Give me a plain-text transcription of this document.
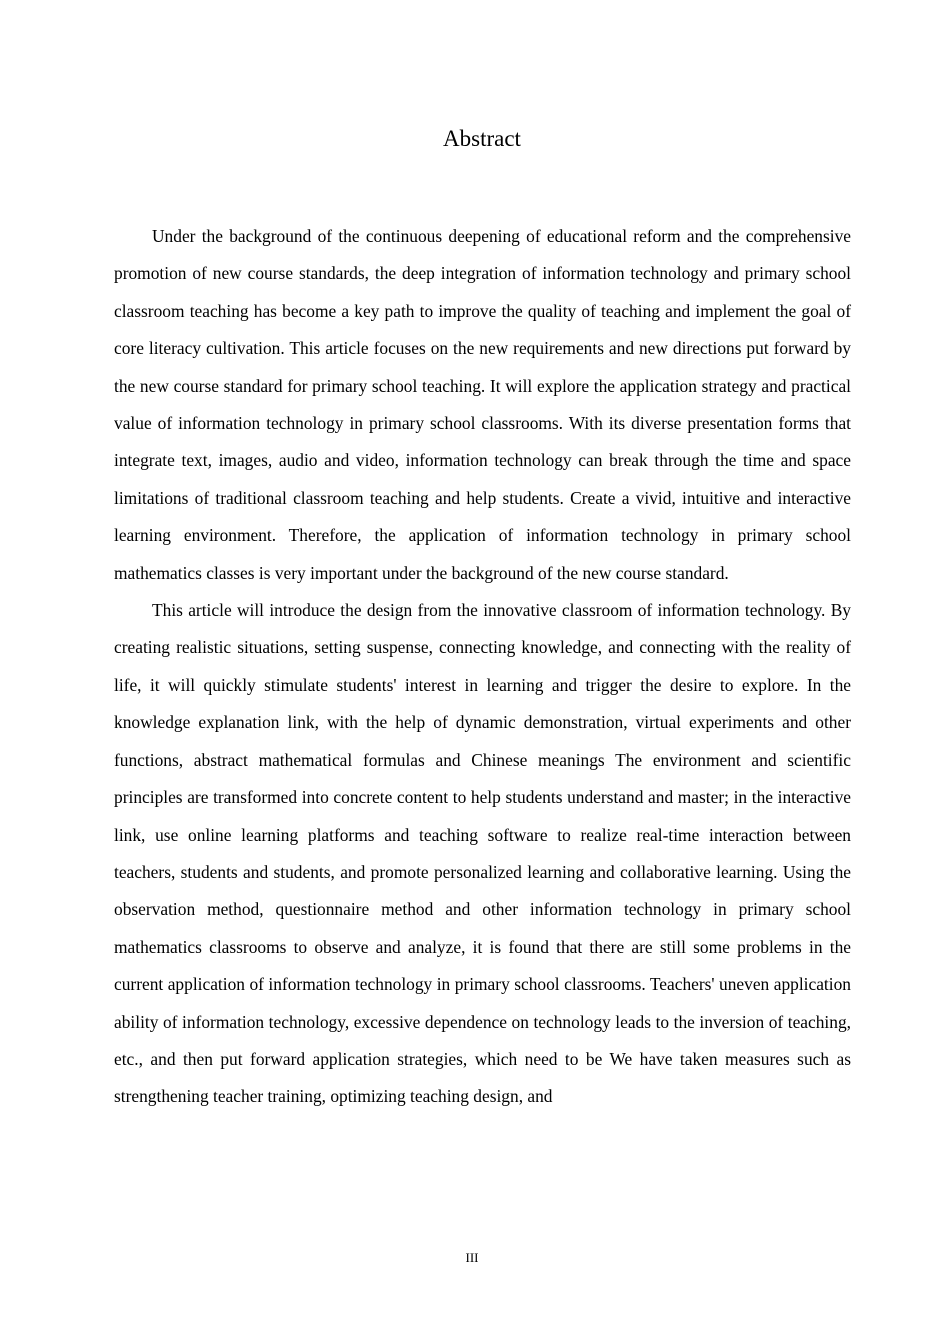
Abstract

Under the background of the continuous deepening of educational reform and the comprehensive promotion of new course standards, the deep integration of information technology and primary school classroom teaching has become a key path to improve the quality of teaching and implement the goal of core literacy cultivation. This article focuses on the new requirements and new directions put forward by the new course standard for primary school teaching. It will explore the application strategy and practical value of information technology in primary school classrooms. With its diverse presentation forms that integrate text, images, audio and video, information technology can break through the time and space limitations of traditional classroom teaching and help students. Create a vivid, intuitive and interactive learning environment. Therefore, the application of information technology in primary school mathematics classes is very important under the background of the new course standard.

This article will introduce the design from the innovative classroom of information technology. By creating realistic situations, setting suspense, connecting knowledge, and connecting with the reality of life, it will quickly stimulate students' interest in learning and trigger the desire to explore. In the knowledge explanation link, with the help of dynamic demonstration, virtual experiments and other functions, abstract mathematical formulas and Chinese meanings The environment and scientific principles are transformed into concrete content to help students understand and master; in the interactive link, use online learning platforms and teaching software to realize real-time interaction between teachers, students and students, and promote personalized learning and collaborative learning. Using the observation method, questionnaire method and other information technology in primary school mathematics classrooms to observe and analyze, it is found that there are still some problems in the current application of information technology in primary school classrooms. Teachers' uneven application ability of information technology, excessive dependence on technology leads to the inversion of teaching, etc., and then put forward application strategies, which need to be We have taken measures such as strengthening teacher training, optimizing teaching design, and

III
